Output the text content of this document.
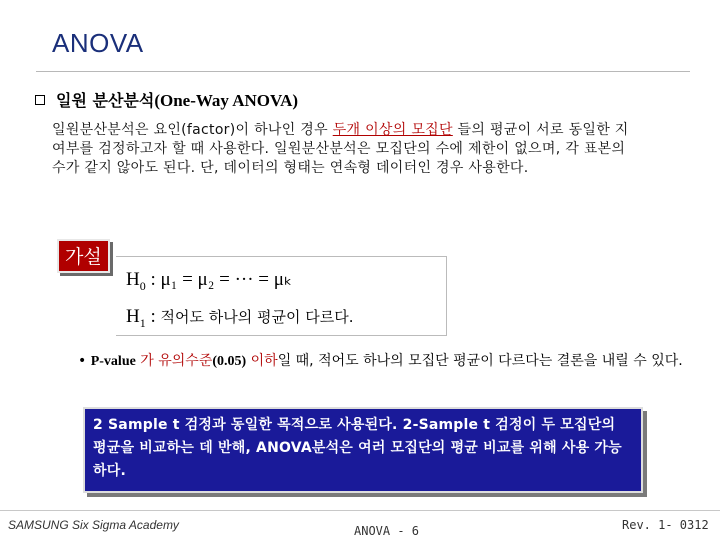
ANOVA
일원 분산분석(One-Way ANOVA)
일원분산분석은 요인(factor)이 하나인 경우 두개 이상의 모집단 들의 평균이 서로 동일한 지 여부를 검정하고자 할 때 사용한다. 일원분산분석은 모집단의 수에 제한이 없으며, 각 표본의 수가 같지 않아도 된다. 단, 데이터의 형태는 연속형 데이터인 경우 사용한다.
가설
$H_0$ : μ₁ = μ₂ = ··· = μₖ
$H_1$ : 적어도 하나의 평균이 다르다.
• P-value 가 유의수준(0.05) 이하일 때, 적어도 하나의 모집단 평균이 다르다는 결론을 내릴 수 있다.
2 Sample t 검정과 동일한 목적으로 사용된다. 2-Sample t 검정이 두 모집단의 평균을 비교하는 데 반해, ANOVA분석은 여러 모집단의 평균 비교를 위해 사용 가능하다.
SAMSUNG Six Sigma Academy	ANOVA - 6	Rev. 1- 0312
